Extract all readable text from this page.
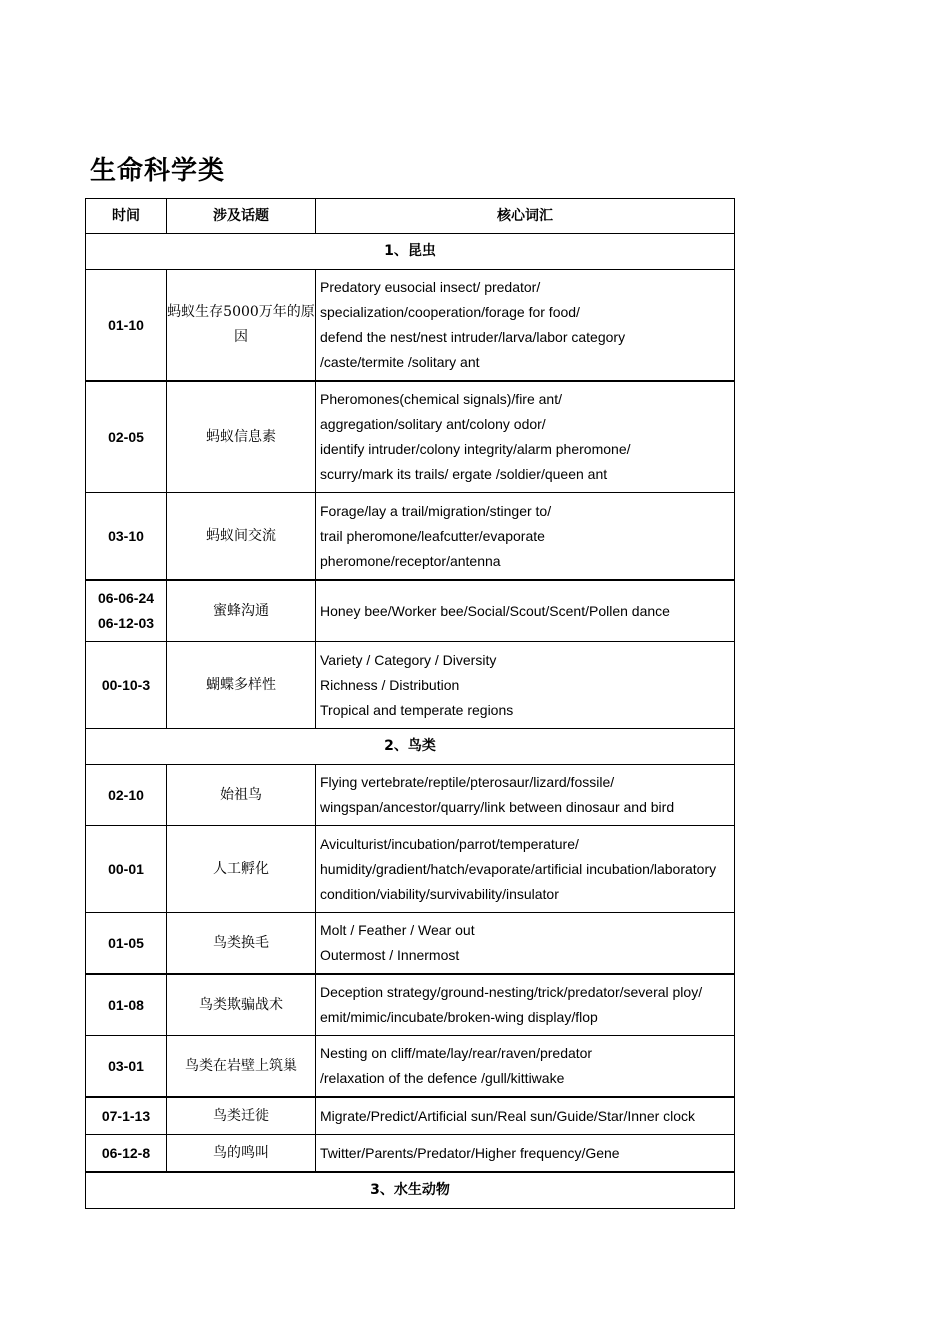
生命科学类
时间	涉及话题	核心词汇
1、昆虫		

01-10	蚂蚁生存5000万年的原因	Predatory eusocial insect/ predator/
specialization/cooperation/forage for food/
defend the nest/nest intruder/larva/labor category
/caste/termite /solitary ant

02-05	蚂蚁信息素	Pheromones(chemical signals)/fire ant/
aggregation/solitary ant/colony odor/
identify intruder/colony integrity/alarm pheromone/
scurry/mark its trails/ ergate /soldier/queen ant

03-10	蚂蚁间交流	Forage/lay a trail/migration/stinger to/
trail pheromone/leafcutter/evaporate
pheromone/receptor/antenna

06-06-24
06-12-03	蜜蜂沟通	Honey bee/Worker bee/Social/Scout/Scent/Pollen dance

00-10-3	蝴蝶多样性	Variety / Category / Diversity
Richness / Distribution
Tropical and temperate regions

2、鸟类		

02-10	始祖鸟	Flying vertebrate/reptile/pterosaur/lizard/fossile/
wingspan/ancestor/quarry/link between dinosaur and bird

00-01	人工孵化	Aviculturist/incubation/parrot/temperature/
humidity/gradient/hatch/evaporate/artificial incubation/laboratory
condition/viability/survivability/insulator

01-05	鸟类换毛	Molt / Feather / Wear out
Outermost / Innermost

01-08	鸟类欺骗战术	Deception strategy/ground-nesting/trick/predator/several ploy/
emit/mimic/incubate/broken-wing display/flop

03-01	鸟类在岩壁上筑巢	Nesting on cliff/mate/lay/rear/raven/predator
/relaxation of the defence /gull/kittiwake

07-1-13	鸟类迁徙	Migrate/Predict/Artificial sun/Real sun/Guide/Star/Inner clock

06-12-8	鸟的鸣叫	Twitter/Parents/Predator/Higher frequency/Gene

3、水生动物		
